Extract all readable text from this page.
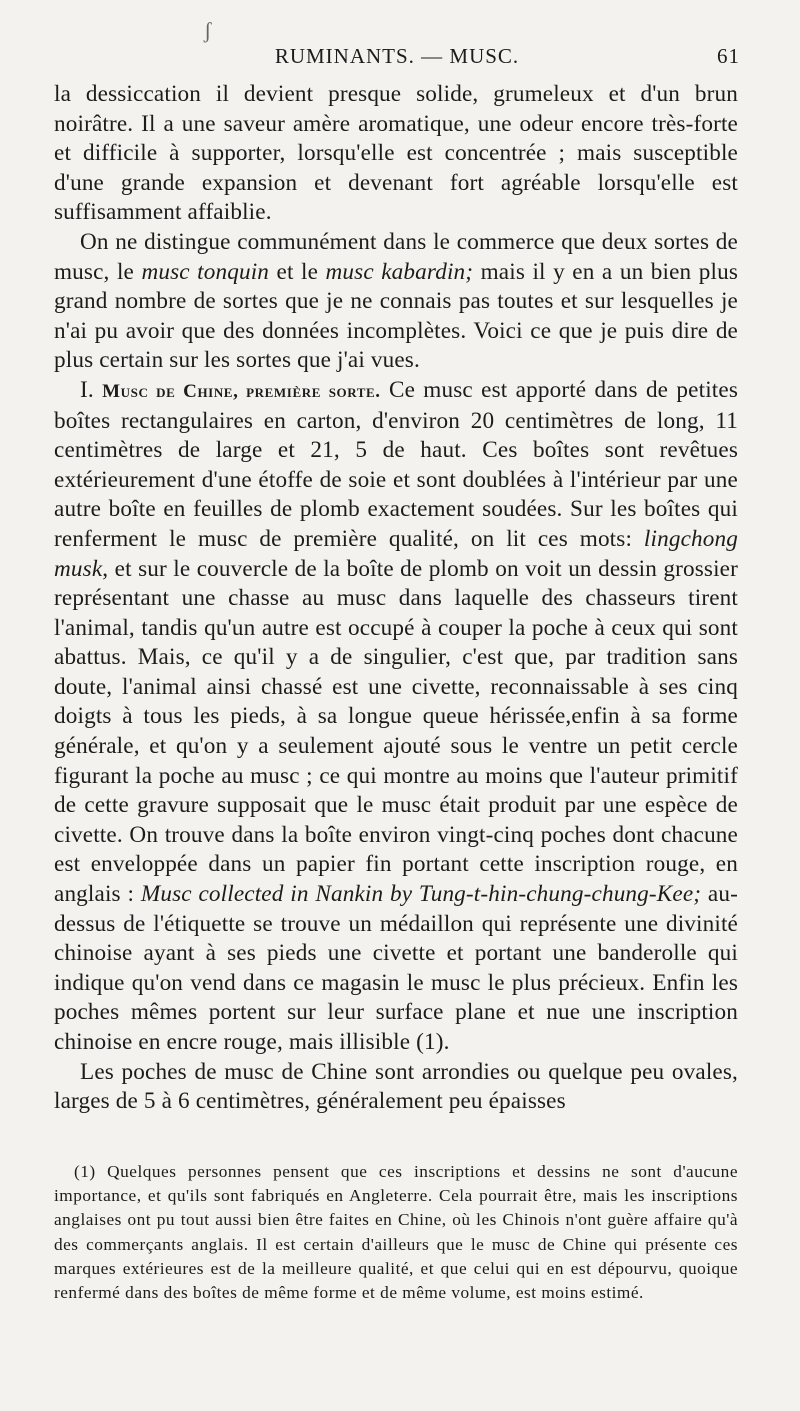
ʃ
RUMINANTS. — MUSC.	61

la dessiccation il devient presque solide, grumeleux et d'un brun noirâtre. Il a une saveur amère aromatique, une odeur encore très-forte et difficile à supporter, lorsqu'elle est concentrée ; mais susceptible d'une grande expansion et devenant fort agréable lorsqu'elle est suffisamment affaiblie.

On ne distingue communément dans le commerce que deux sortes de musc, le musc tonquin et le musc kabardin; mais il y en a un bien plus grand nombre de sortes que je ne connais pas toutes et sur lesquelles je n'ai pu avoir que des données incomplètes. Voici ce que je puis dire de plus certain sur les sortes que j'ai vues.

I. Musc de Chine, première sorte. Ce musc est apporté dans de petites boîtes rectangulaires en carton, d'environ 20 centimètres de long, 11 centimètres de large et 21, 5 de haut. Ces boîtes sont revêtues extérieurement d'une étoffe de soie et sont doublées à l'intérieur par une autre boîte en feuilles de plomb exactement soudées. Sur les boîtes qui renferment le musc de première qualité, on lit ces mots: lingchong musk, et sur le couvercle de la boîte de plomb on voit un dessin grossier représentant une chasse au musc dans laquelle des chasseurs tirent l'animal, tandis qu'un autre est occupé à couper la poche à ceux qui sont abattus. Mais, ce qu'il y a de singulier, c'est que, par tradition sans doute, l'animal ainsi chassé est une civette, reconnaissable à ses cinq doigts à tous les pieds, à sa longue queue hérissée,enfin à sa forme générale, et qu'on y a seulement ajouté sous le ventre un petit cercle figurant la poche au musc ; ce qui montre au moins que l'auteur primitif de cette gravure supposait que le musc était produit par une espèce de civette. On trouve dans la boîte environ vingt-cinq poches dont chacune est enveloppée dans un papier fin portant cette inscription rouge, en anglais : Musc collected in Nankin by Tung-t-hin-chung-chung-Kee; au-dessus de l'étiquette se trouve un médaillon qui représente une divinité chinoise ayant à ses pieds une civette et portant une banderolle qui indique qu'on vend dans ce magasin le musc le plus précieux. Enfin les poches mêmes portent sur leur surface plane et nue une inscription chinoise en encre rouge, mais illisible (1).

Les poches de musc de Chine sont arrondies ou quelque peu ovales, larges de 5 à 6 centimètres, généralement peu épaisses

(1) Quelques personnes pensent que ces inscriptions et dessins ne sont d'aucune importance, et qu'ils sont fabriqués en Angleterre. Cela pourrait être, mais les inscriptions anglaises ont pu tout aussi bien être faites en Chine, où les Chinois n'ont guère affaire qu'à des commerçants anglais. Il est certain d'ailleurs que le musc de Chine qui présente ces marques extérieures est de la meilleure qualité, et que celui qui en est dépourvu, quoique renfermé dans des boîtes de même forme et de même volume, est moins estimé.
